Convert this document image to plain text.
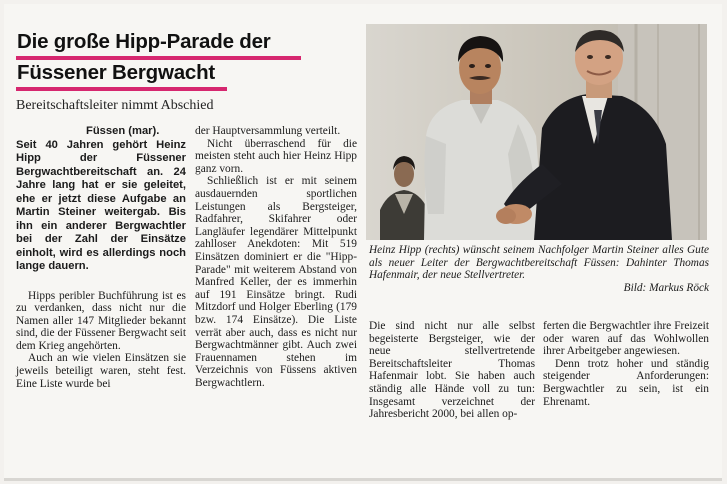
Die große Hipp-Parade der
Füssener Bergwacht
Bereitschaftsleiter nimmt Abschied
Füssen (mar).
Seit 40 Jahren gehört Heinz Hipp der Füssener Bergwachtbereitschaft an. 24 Jahre lang hat er sie geleitet, ehe er jetzt diese Aufgabe an Martin Steiner weitergab. Bis ihn ein anderer Bergwachtler bei der Zahl der Einsätze einholt, wird es allerdings noch lange dauern.

Hipps peribler Buchführung ist es zu verdanken, dass nicht nur die Namen aller 147 Mitglieder bekannt sind, die der Füssener Bergwacht seit dem Krieg angehörten.

Auch an wie vielen Einsätzen sie jeweils beteiligt waren, steht fest. Eine Liste wurde bei

der Hauptversammlung verteilt.

Nicht überraschend für die meisten steht auch hier Heinz Hipp ganz vorn.

Schließlich ist er mit seinem ausdauernden sportlichen Leistungen als Bergsteiger, Radfahrer, Skifahrer oder Langläufer legendärer Mittelpunkt zahlloser Anekdoten: Mit 519 Einsätzen dominiert er die "Hipp-Parade" mit weiterem Abstand von Manfred Keller, der es immerhin auf 191 Einsätze bringt. Rudi Mitzdorf und Holger Eberling (179 bzw. 174 Einsätze). Die Liste verrät aber auch, dass es nicht nur Bergwachtmänner gibt. Auch zwei Frauennamen stehen im Verzeichnis von Füssens aktiven Bergwachtlern.

Heinz Hipp (rechts) wünscht seinem Nachfolger Martin Steiner alles Gute als neuer Leiter der Bergwachtbereitschaft Füssen: Dahinter Thomas Hafenmair, der neue Stellvertreter.
Bild: Markus Röck

Die sind nicht nur alle selbst begeisterte Bergsteiger, wie der neue stellvertretende Bereitschaftsleiter Thomas Hafenmair lobt. Sie haben auch ständig alle Hände voll zu tun: Insgesamt verzeichnet der Jahresbericht 2000, bei allen op-

ferten die Bergwachtler ihre Freizeit oder waren auf das Wohlwollen ihrer Arbeitgeber angewiesen.

Denn trotz hoher und ständig steigender Anforderungen: Bergwachtler zu sein, ist ein Ehrenamt.
